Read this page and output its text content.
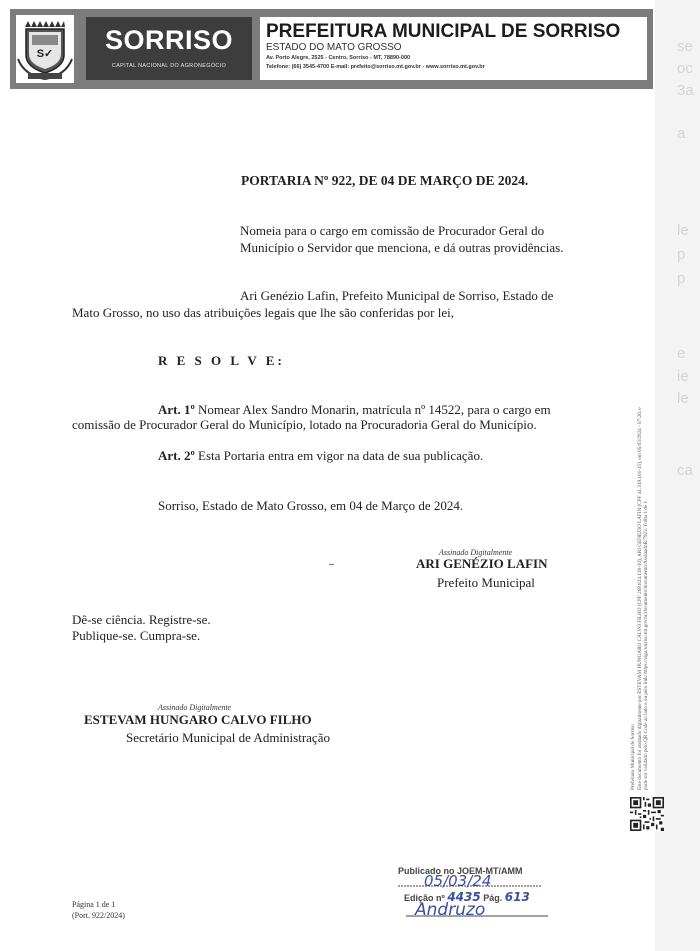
se
oc
3a
a
le
p
p
e
ie
le
ca
S✓	SORRISO
CAPITAL NACIONAL DO AGRONEGÓCIO
PREFEITURA MUNICIPAL DE SORRISO
ESTADO DO MATO GROSSO
Av. Porto Alegre, 2525 - Centro, Sorriso - MT, 78890-000
Telefone: (66) 3545-4700 E-mail: prefeito@sorriso.mt.gov.br - www.sorriso.mt.gov.br
PORTARIA Nº 922, DE 04 DE MARÇO DE 2024.
Nomeia para o cargo em comissão de Procurador Geral do
Município o Servidor que menciona, e dá outras providências.
Ari Genézio Lafin, Prefeito Municipal de Sorriso, Estado de
Mato Grosso, no uso das atribuições legais que lhe são conferidas por lei,
R E S O L V E:
Art. 1º Nomear Alex Sandro Monarin, matrícula nº 14522, para o cargo em
comissão de Procurador Geral do Município, lotado na Procuradoria Geral do Município.
Art. 2º Esta Portaria entra em vigor na data de sua publicação.
Sorriso, Estado de Mato Grosso, em 04 de Março de 2024.
Assinado Digitalmente
ARI GENÉZIO LAFIN
Prefeito Municipal
Dê-se ciência. Registre-se.
Publique-se. Cumpra-se.
Assinado Digitalmente
ESTEVAM HUNGARO CALVO FILHO
Secretário Municipal de Administração
Página 1 de 1
(Port. 922/2024)
Publicado no JOEM-MT/AMM
05/03/24
Edição nº 4435 Pág. 613
Andruzo
Prefeitura Municipal de Sorriso Este documento foi assinado digitalmente por ESTEVAM HUNGARO CALVO FILHO (CPF 269.824.138-10), ARI GENEZIO LAFIN (CPF 41.319.161-15), em 05/03/2024 - 07:26, e pode ser validado pelo QR Code ao lado e ou pelo link: https://siga.sorriso.mt.gov.br/documento/documento/AssinadoR/7923. Folha 1 de 1
